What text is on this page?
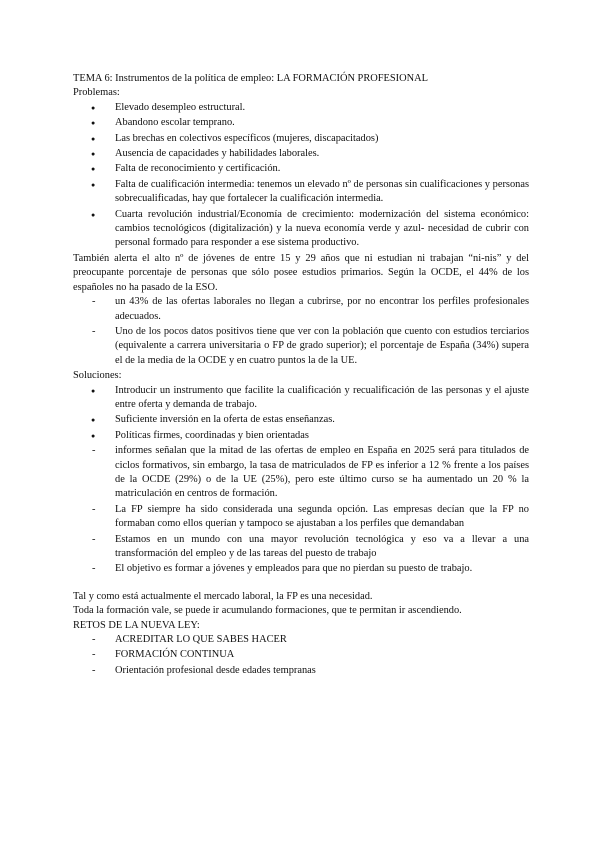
TEMA 6: Instrumentos de la política de empleo: LA FORMACIÓN PROFESIONAL
Problemas:
● Elevado desempleo estructural.
● Abandono escolar temprano.
● Las brechas en colectivos específicos (mujeres, discapacitados)
● Ausencia de capacidades y habilidades laborales.
● Falta de reconocimiento y certificación.
● Falta de cualificación intermedia: tenemos un elevado nº de personas sin cualificaciones y personas sobrecualificadas, hay que fortalecer la cualificación intermedia.
● Cuarta revolución industrial/Economía de crecimiento: modernización del sistema económico: cambios tecnológicos (digitalización) y la nueva economía verde y azul- necesidad de cubrir con personal formado para responder a ese sistema productivo.

También alerta el alto nº de jóvenes de entre 15 y 29 años que ni estudian ni trabajan “ni-nis” y del preocupante porcentaje de personas que sólo posee estudios primarios. Según la OCDE, el 44% de los españoles no ha pasado de la ESO.

- un 43% de las ofertas laborales no llegan a cubrirse, por no encontrar los perfiles profesionales adecuados.
- Uno de los pocos datos positivos tiene que ver con la población que cuento con estudios terciarios (equivalente a carrera universitaria o FP de grado superior); el porcentaje de España (34%) supera el de la media de la OCDE y en cuatro puntos la de la UE.
Soluciones:
● Introducir un instrumento que facilite la cualificación y recualificación de las personas y el ajuste entre oferta y demanda de trabajo.
● Suficiente inversión en la oferta de estas enseñanzas.
● Políticas firmes, coordinadas y bien orientadas
- informes señalan que la mitad de las ofertas de empleo en España en 2025 será para titulados de ciclos formativos, sin embargo, la tasa de matriculados de FP es inferior a 12 % frente a los países de la OCDE (29%) o de la UE (25%), pero este último curso se ha aumentado un 20 % la matriculación en centros de formación.
- La FP siempre ha sido considerada una segunda opción. Las empresas decían que la FP no formaban como ellos querían y tampoco se ajustaban a los perfiles que demandaban
- Estamos en un mundo con una mayor revolución tecnológica y eso va a llevar a una transformación del empleo y de las tareas del puesto de trabajo
- El objetivo es formar a jóvenes y empleados para que no pierdan su puesto de trabajo.
Tal y como está actualmente el mercado laboral, la FP es una necesidad.
Toda la formación vale, se puede ir acumulando formaciones, que te permitan ir ascendiendo.
RETOS DE LA NUEVA LEY:
- ACREDITAR LO QUE SABES HACER
- FORMACIÓN CONTINUA
- Orientación profesional desde edades tempranas
